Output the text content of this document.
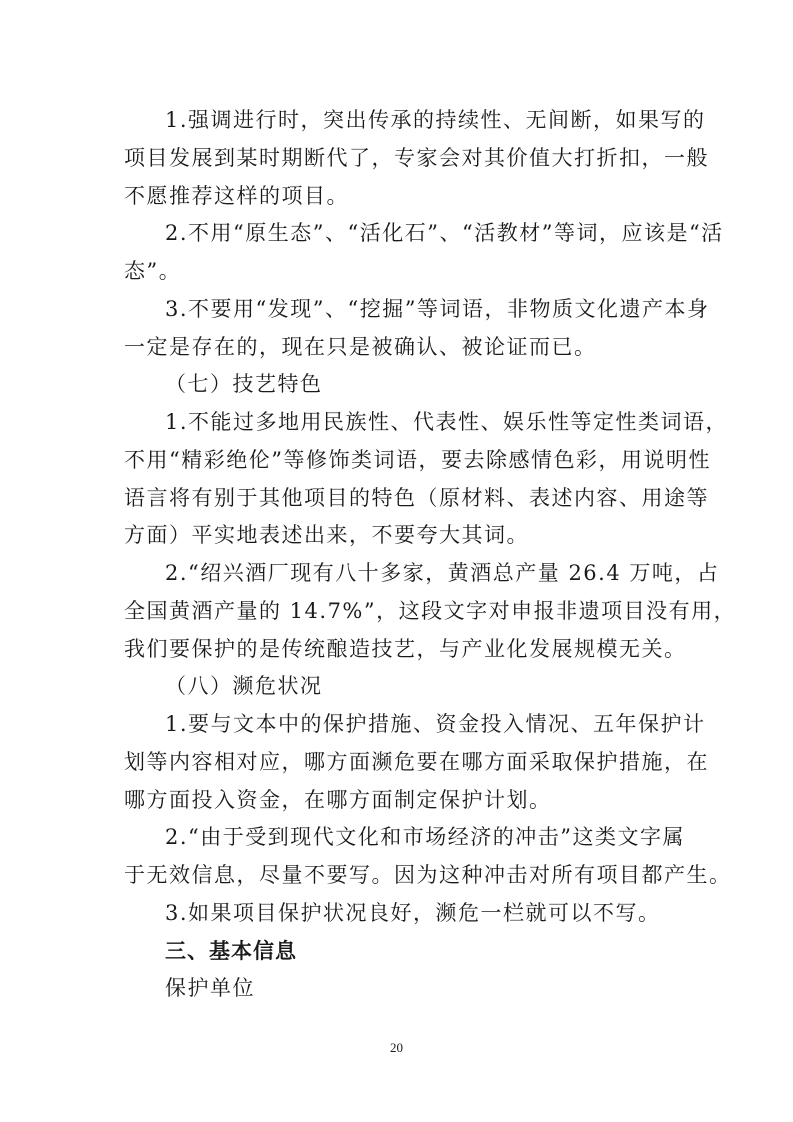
1.强调进行时，突出传承的持续性、无间断，如果写的
项目发展到某时期断代了，专家会对其价值大打折扣，一般
不愿推荐这样的项目。
2.不用“原生态”、“活化石”、“活教材”等词，应该是“活
态”。
3.不要用“发现”、“挖掘”等词语，非物质文化遗产本身
一定是存在的，现在只是被确认、被论证而已。
（七）技艺特色
1.不能过多地用民族性、代表性、娱乐性等定性类词语，
不用“精彩绝伦”等修饰类词语，要去除感情色彩，用说明性
语言将有别于其他项目的特色（原材料、表述内容、用途等
方面）平实地表述出来，不要夸大其词。
2.“绍兴酒厂现有八十多家，黄酒总产量 26.4 万吨，占
全国黄酒产量的 14.7%”，这段文字对申报非遗项目没有用，
我们要保护的是传统酿造技艺，与产业化发展规模无关。
（八）濒危状况
1.要与文本中的保护措施、资金投入情况、五年保护计
划等内容相对应，哪方面濒危要在哪方面采取保护措施，在
哪方面投入资金，在哪方面制定保护计划。
2.“由于受到现代文化和市场经济的冲击”这类文字属
于无效信息，尽量不要写。因为这种冲击对所有项目都产生。
3.如果项目保护状况良好，濒危一栏就可以不写。
三、基本信息
保护单位
20
